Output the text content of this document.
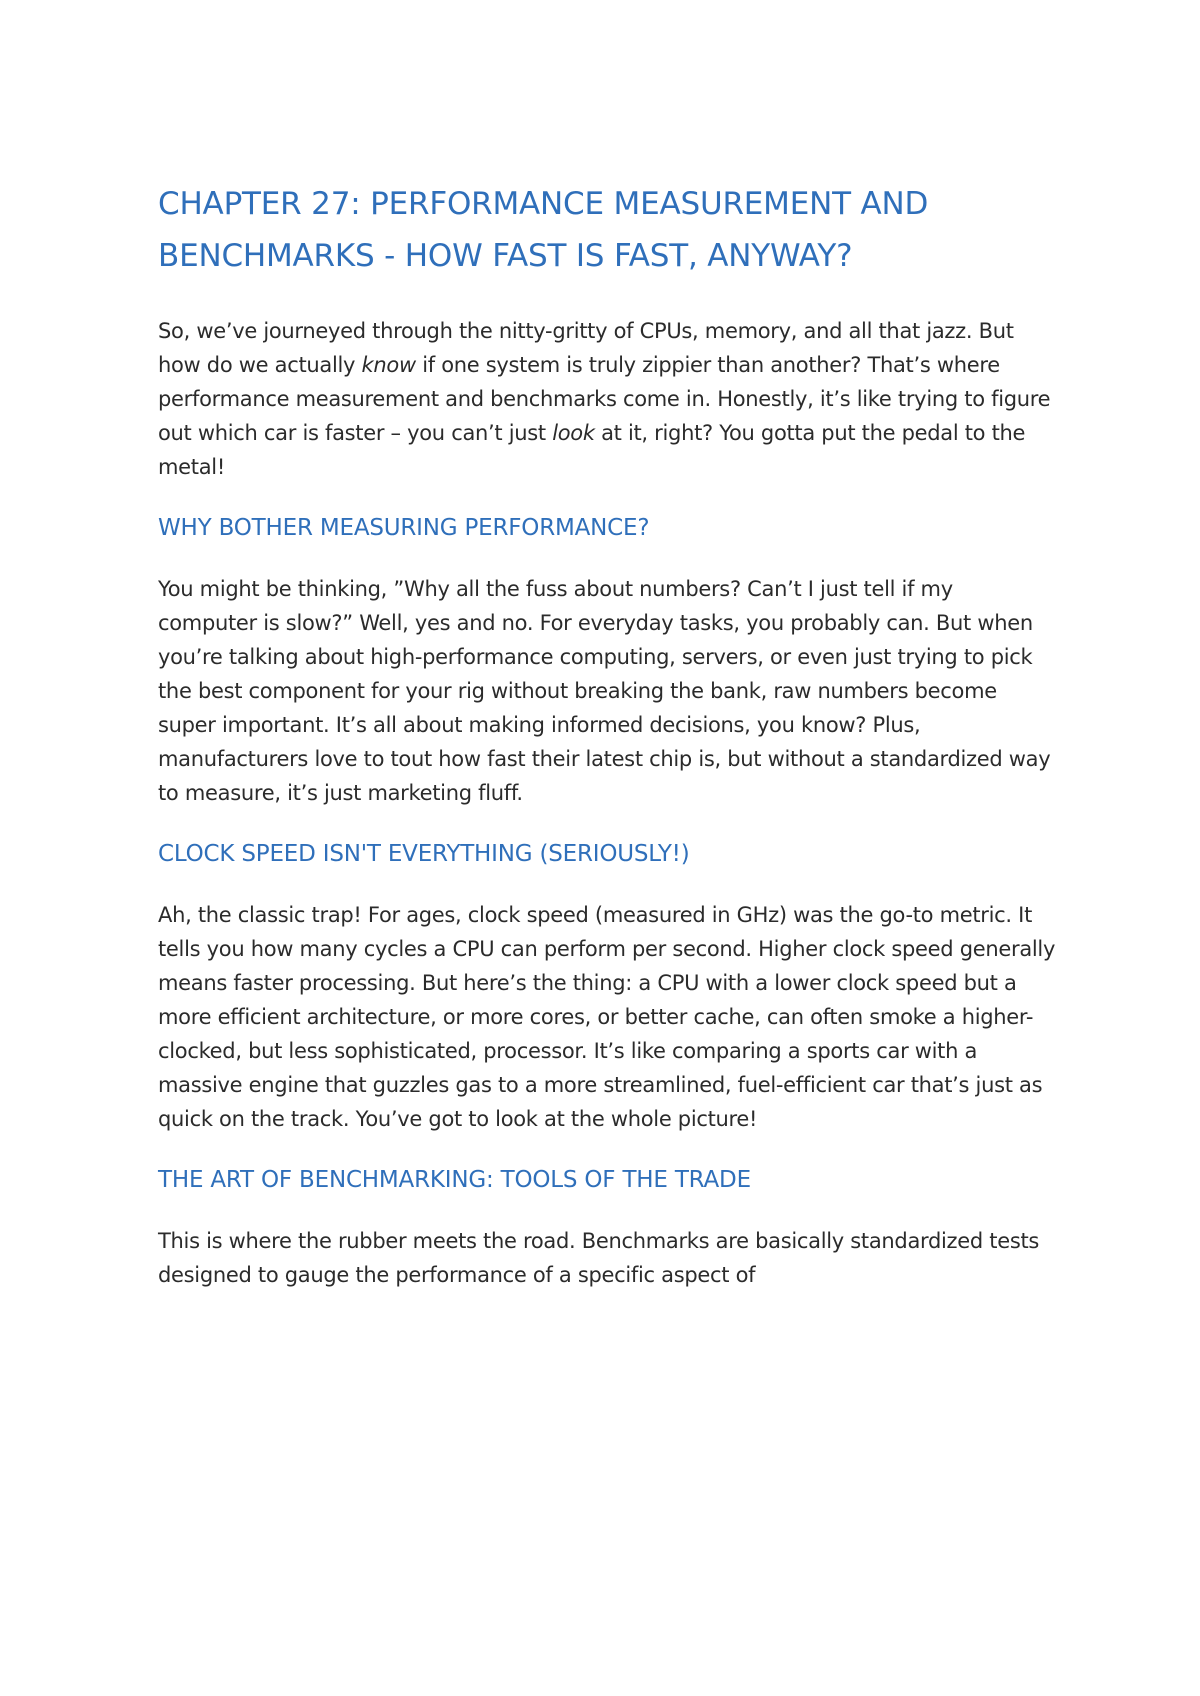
CHAPTER 27: PERFORMANCE MEASUREMENT AND BENCHMARKS - HOW FAST IS FAST, ANYWAY?

So, we’ve journeyed through the nitty-gritty of CPUs, memory, and all that jazz. But how do we actually know if one system is truly zippier than another? That’s where performance measurement and benchmarks come in. Honestly, it’s like trying to figure out which car is faster – you can’t just look at it, right? You gotta put the pedal to the metal!

WHY BOTHER MEASURING PERFORMANCE?

You might be thinking, ”Why all the fuss about numbers? Can’t I just tell if my computer is slow?” Well, yes and no. For everyday tasks, you probably can. But when you’re talking about high-performance computing, servers, or even just trying to pick the best component for your rig without breaking the bank, raw numbers become super important. It’s all about making informed decisions, you know? Plus, manufacturers love to tout how fast their latest chip is, but without a standardized way to measure, it’s just marketing fluff.

CLOCK SPEED ISN'T EVERYTHING (SERIOUSLY!)

Ah, the classic trap! For ages, clock speed (measured in GHz) was the go-to metric. It tells you how many cycles a CPU can perform per second. Higher clock speed generally means faster processing. But here’s the thing: a CPU with a lower clock speed but a more efficient architecture, or more cores, or better cache, can often smoke a higher-clocked, but less sophisticated, processor. It’s like comparing a sports car with a massive engine that guzzles gas to a more streamlined, fuel-efficient car that’s just as quick on the track. You’ve got to look at the whole picture!

THE ART OF BENCHMARKING: TOOLS OF THE TRADE

This is where the rubber meets the road. Benchmarks are basically standardized tests designed to gauge the performance of a specific aspect of
